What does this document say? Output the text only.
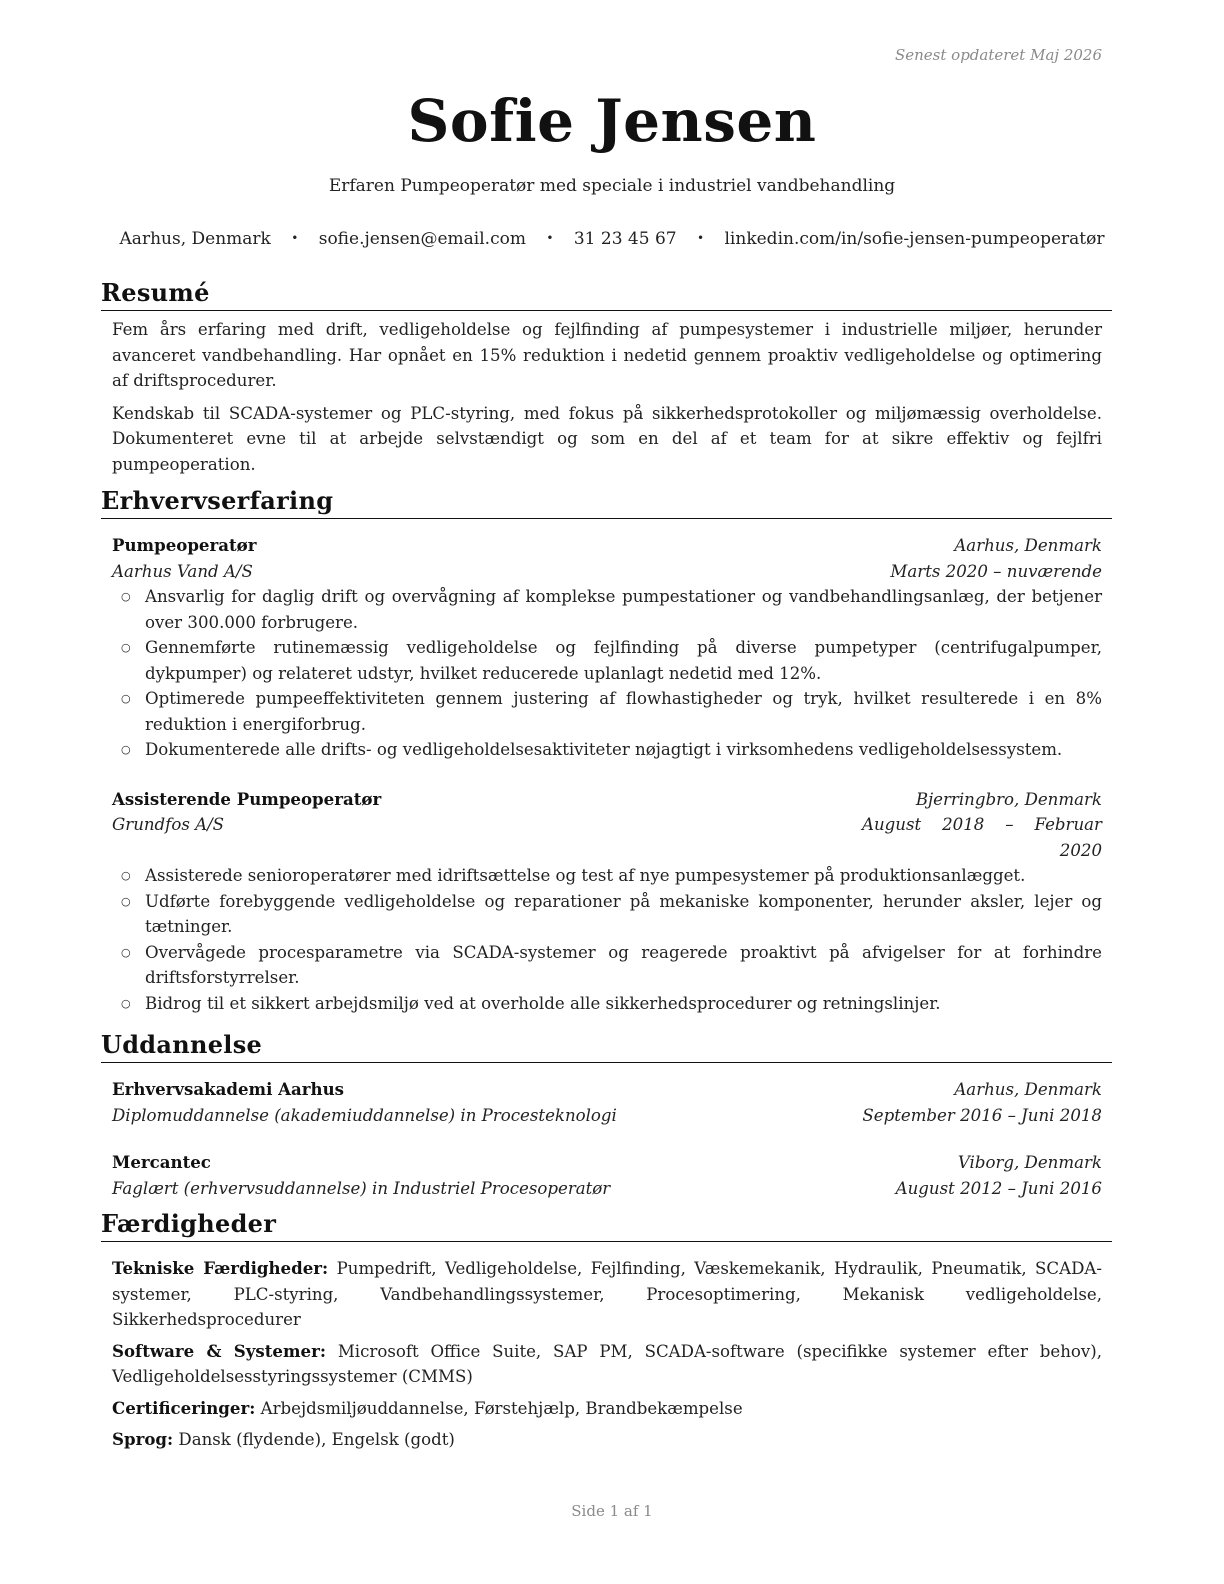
Senest opdateret Maj 2026
Sofie Jensen
Erfaren Pumpeoperatør med speciale i industriel vandbehandling
Aarhus, Denmark • sofie.jensen@email.com • 31 23 45 67 • linkedin.com/in/sofie-jensen-pumpeoperatør
Resumé
Fem års erfaring med drift, vedligeholdelse og fejlfinding af pumpesystemer i industrielle miljøer, herunder avanceret vandbehandling. Har opnået en 15% reduktion i nedetid gennem proaktiv vedligeholdelse og optimering af driftsprocedurer.
Kendskab til SCADA-systemer og PLC-styring, med fokus på sikkerhedsprotokoller og miljømæssig overholdelse. Dokumenteret evne til at arbejde selvstændigt og som en del af et team for at sikre effektiv og fejlfri pumpeoperation.
Erhvervserfaring
Pumpeoperatør	Aarhus, Denmark
Aarhus Vand A/S	Marts 2020 – nuværende
○ Ansvarlig for daglig drift og overvågning af komplekse pumpestationer og vandbehandlingsanlæg, der betjener over 300.000 forbrugere.
○ Gennemførte rutinemæssig vedligeholdelse og fejlfinding på diverse pumpetyper (centrifugalpumper, dykpumper) og relateret udstyr, hvilket reducerede uplanlagt nedetid med 12%.
○ Optimerede pumpeeffektiviteten gennem justering af flowhastigheder og tryk, hvilket resulterede i en 8% reduktion i energiforbrug.
○ Dokumenterede alle drifts- og vedligeholdelsesaktiviteter nøjagtigt i virksomhedens vedligeholdelsessystem.
Assisterende Pumpeoperatør	Bjerringbro, Denmark
Grundfos A/S	August 2018 – Februar 2020
○ Assisterede senioroperatører med idriftsættelse og test af nye pumpesystemer på produktionsanlægget.
○ Udførte forebyggende vedligeholdelse og reparationer på mekaniske komponenter, herunder aksler, lejer og tætninger.
○ Overvågede procesparametre via SCADA-systemer og reagerede proaktivt på afvigelser for at forhindre driftsforstyrrelser.
○ Bidrog til et sikkert arbejdsmiljø ved at overholde alle sikkerhedsprocedurer og retningslinjer.
Uddannelse
Erhvervsakademi Aarhus	Aarhus, Denmark
Diplomuddannelse (akademiuddannelse) in Procesteknologi	September 2016 – Juni 2018
Mercantec	Viborg, Denmark
Faglært (erhvervsuddannelse) in Industriel Procesoperatør	August 2012 – Juni 2016
Færdigheder
Tekniske Færdigheder: Pumpedrift, Vedligeholdelse, Fejlfinding, Væskemekanik, Hydraulik, Pneumatik, SCADA-systemer, PLC-styring, Vandbehandlingssystemer, Procesoptimering, Mekanisk vedligeholdelse, Sikkerhedsprocedurer
Software & Systemer: Microsoft Office Suite, SAP PM, SCADA-software (specifikke systemer efter behov), Vedligeholdelsesstyringssystemer (CMMS)
Certificeringer: Arbejdsmiljøuddannelse, Førstehjælp, Brandbekæmpelse
Sprog: Dansk (flydende), Engelsk (godt)
Side 1 af 1
